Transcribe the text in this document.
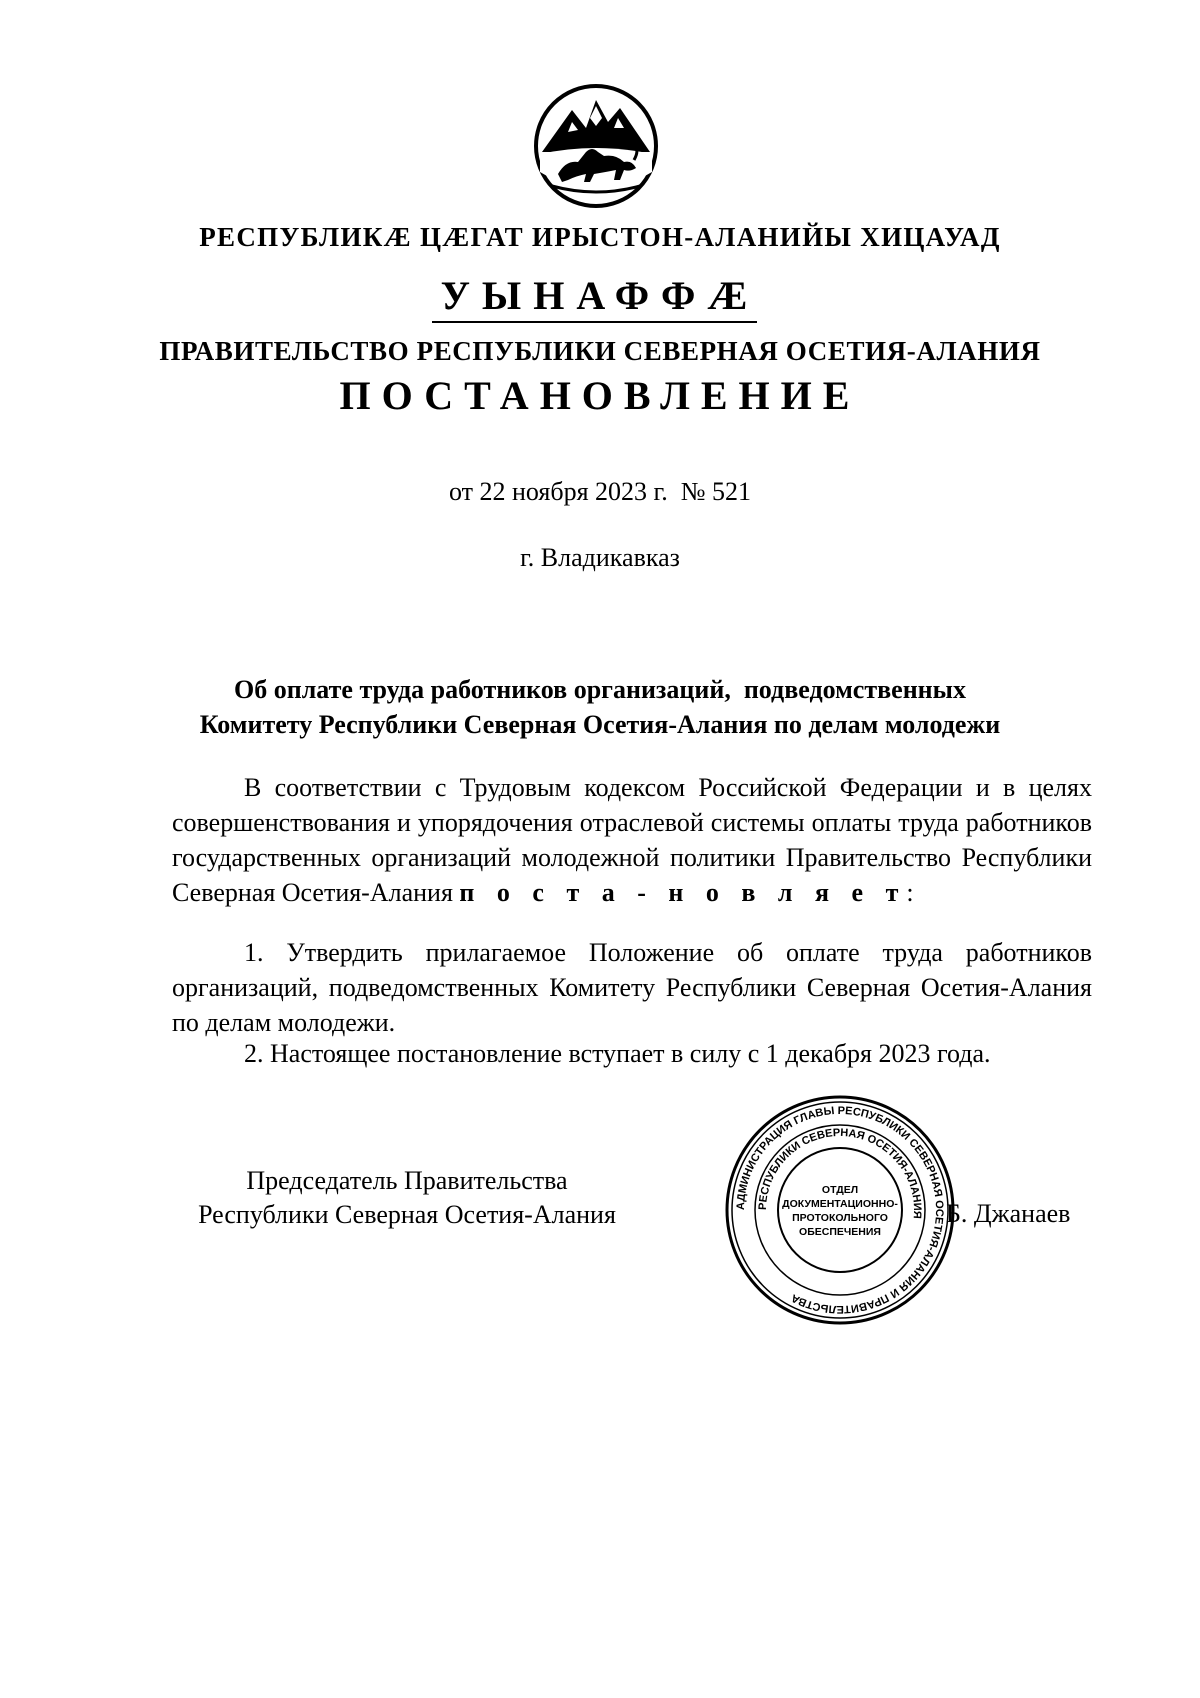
РЕСПУБЛИКӔ ЦӔГАТ ИРЫСТОН-АЛАНИЙЫ ХИЦАУАД
УЫНАФФӔ
ПРАВИТЕЛЬСТВО РЕСПУБЛИКИ СЕВЕРНАЯ ОСЕТИЯ-АЛАНИЯ
ПОСТАНОВЛЕНИЕ
от 22 ноября 2023 г.  № 521
г. Владикавказ
Об оплате труда работников организаций,  подведомственных
Комитету Республики Северная Осетия-Алания по делам молодежи
В соответствии с Трудовым кодексом Российской Федерации и в целях совершенствования и упорядочения отраслевой системы оплаты труда работников государственных организаций молодежной политики Правительство Республики Северная Осетия-Алания п о с т а - н о в л я е т:
1. Утвердить прилагаемое Положение об оплате труда работников организаций, подведомственных Комитету Республики Северная Осетия-Алания по делам молодежи.
2. Настоящее постановление вступает в силу с 1 декабря 2023 года.
Председатель Правительства
Республики Северная Осетия-Алания	АДМИНИСТРАЦИЯ ГЛАВЫ РЕСПУБЛИКИ СЕВЕРНАЯ ОСЕТИЯ-АЛАНИЯ И ПРАВИТЕЛЬСТВА
РЕСПУБЛИКИ СЕВЕРНАЯ ОСЕТИЯ-АЛАНИЯ
ОТДЕЛ ДОКУМЕНТАЦИОННО-ПРОТОКОЛЬНОГО ОБЕСПЕЧЕНИЯ
Б. Джанаев
